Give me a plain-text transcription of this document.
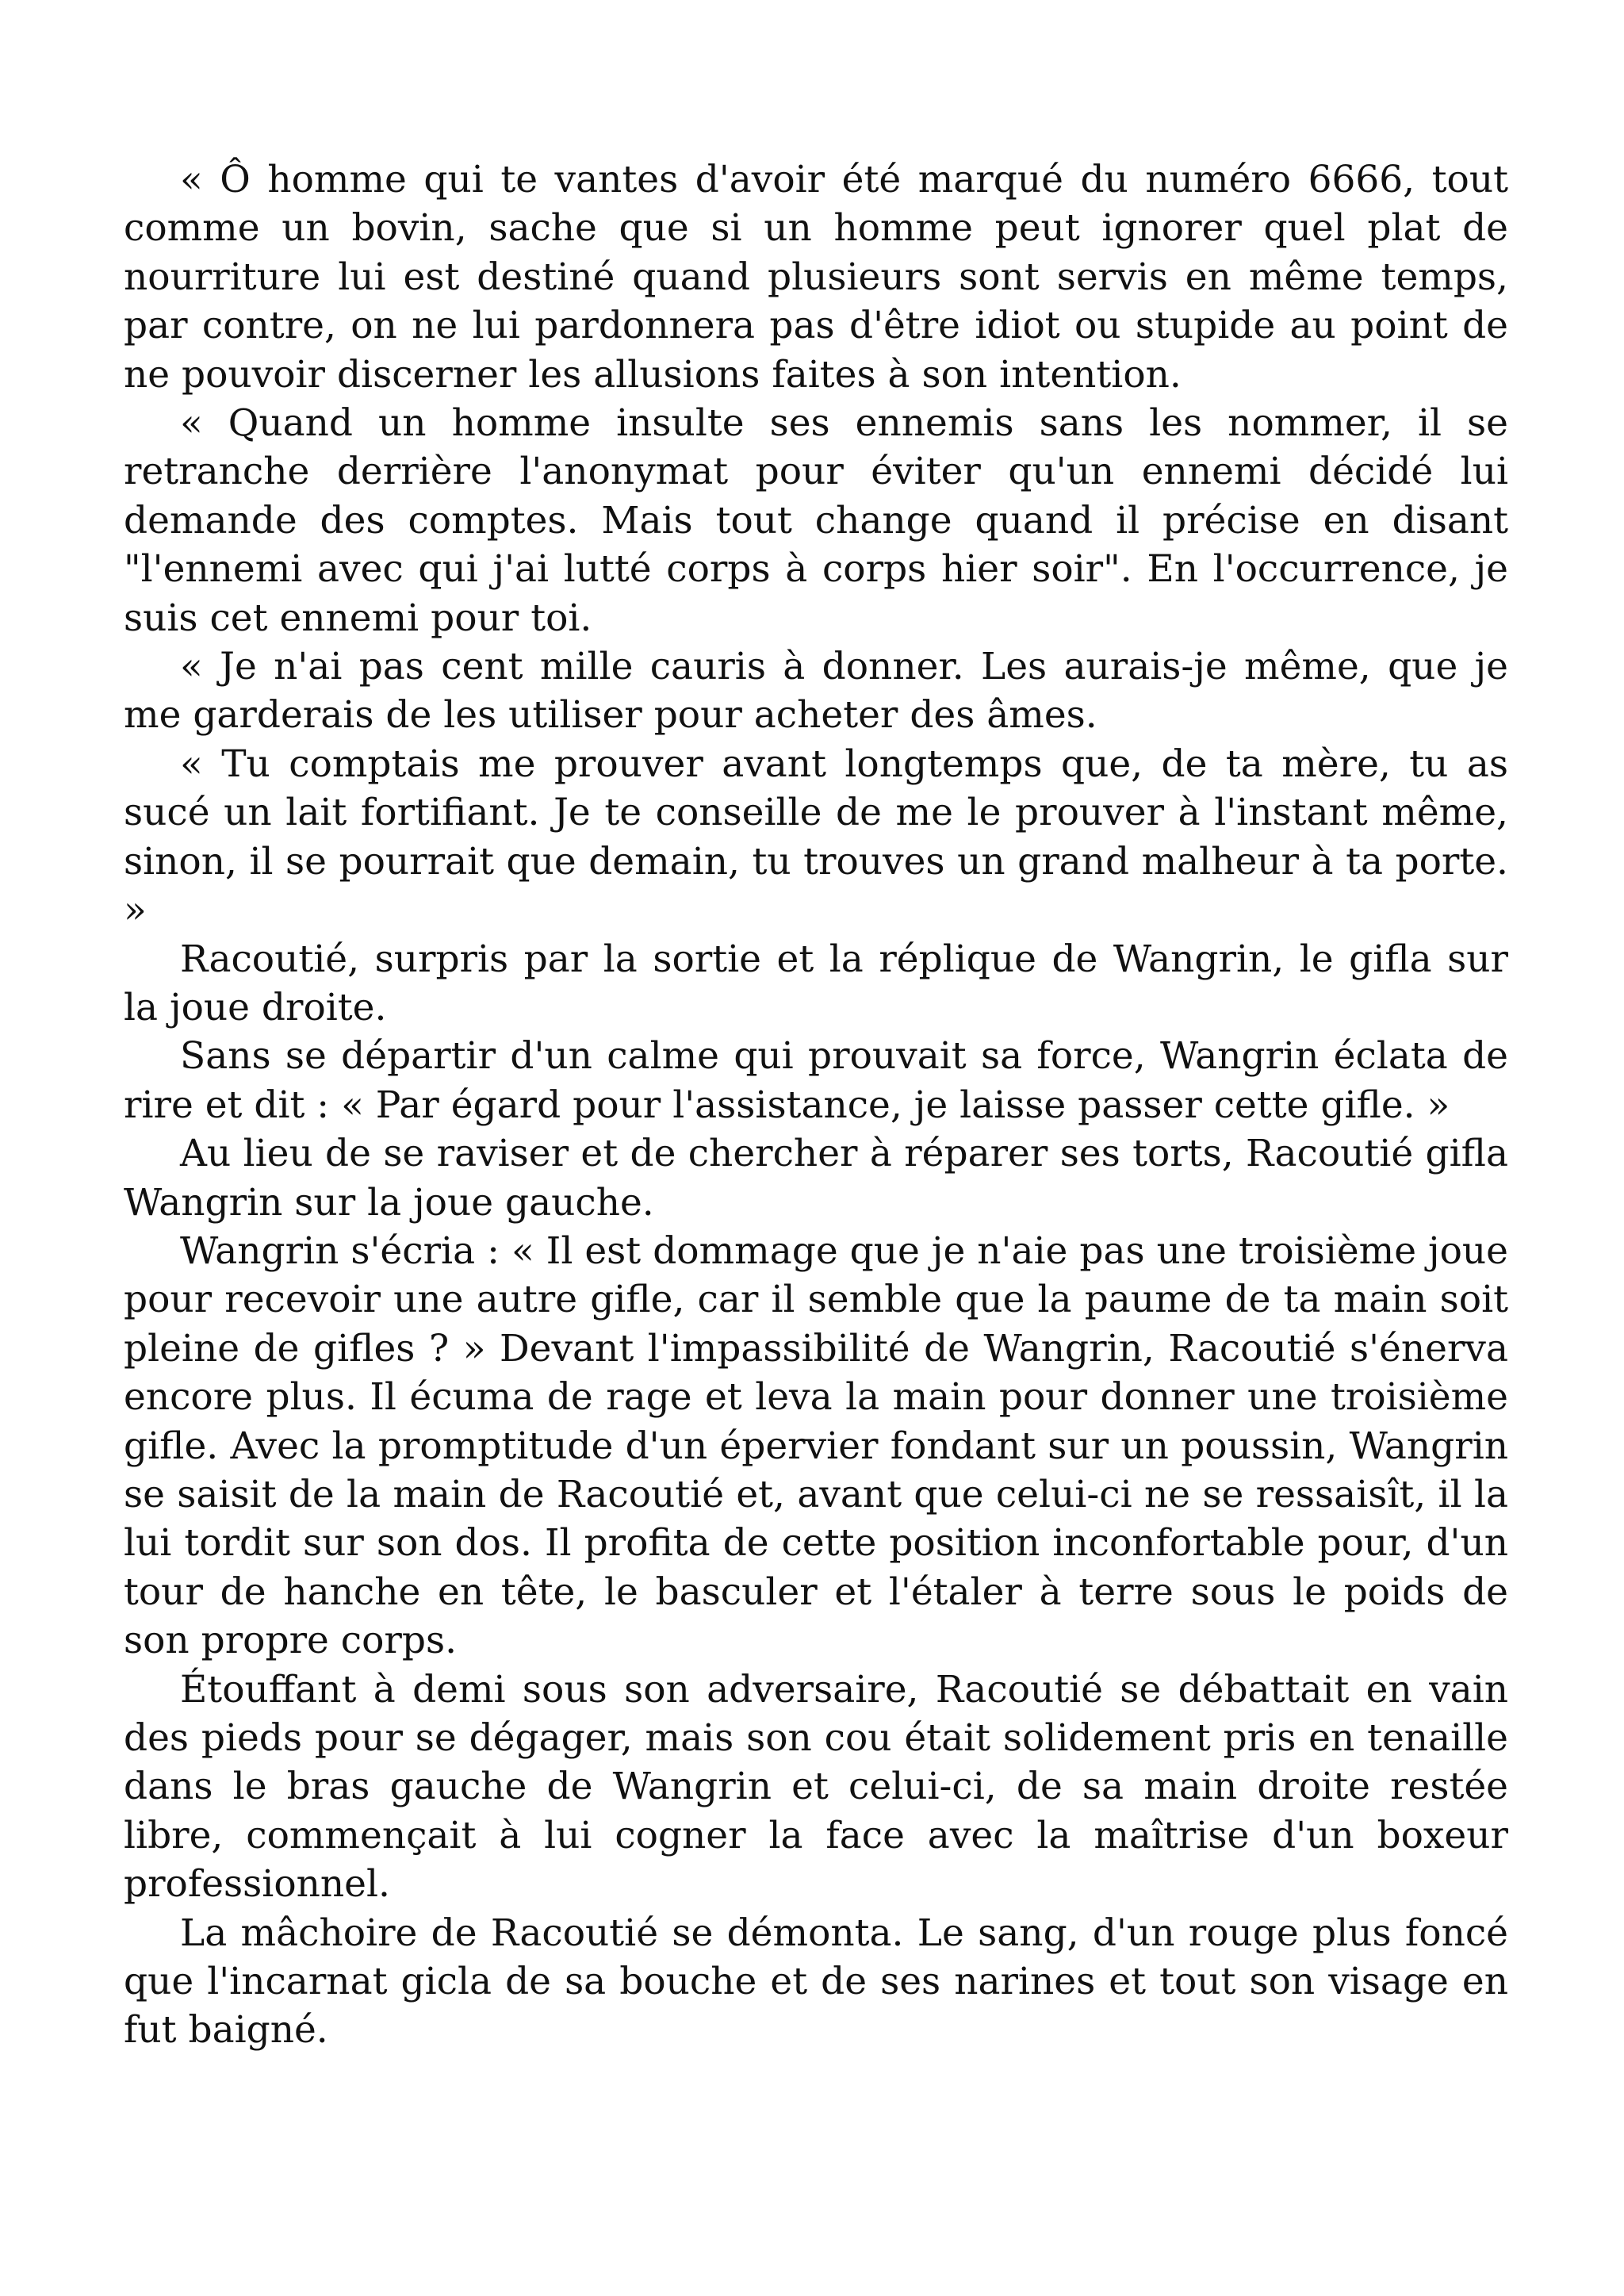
« Ô homme qui te vantes d'avoir été marqué du numéro 6666, tout comme un bovin, sache que si un homme peut ignorer quel plat de nourriture lui est destiné quand plusieurs sont servis en même temps, par contre, on ne lui pardonnera pas d'être idiot ou stupide au point de ne pouvoir discerner les allusions faites à son intention.

« Quand un homme insulte ses ennemis sans les nommer, il se retranche derrière l'anonymat pour éviter qu'un ennemi décidé lui demande des comptes. Mais tout change quand il précise en disant "l'ennemi avec qui j'ai lutté corps à corps hier soir". En l'occurrence, je suis cet ennemi pour toi.

« Je n'ai pas cent mille cauris à donner. Les aurais-je même, que je me garderais de les utiliser pour acheter des âmes.

« Tu comptais me prouver avant longtemps que, de ta mère, tu as sucé un lait fortifiant. Je te conseille de me le prouver à l'instant même, sinon, il se pourrait que demain, tu trouves un grand malheur à ta porte. »

Racoutié, surpris par la sortie et la réplique de Wangrin, le gifla sur la joue droite.

Sans se départir d'un calme qui prouvait sa force, Wangrin éclata de rire et dit : « Par égard pour l'assistance, je laisse passer cette gifle. »

Au lieu de se raviser et de chercher à réparer ses torts, Racoutié gifla Wangrin sur la joue gauche.

Wangrin s'écria : « Il est dommage que je n'aie pas une troisième joue pour recevoir une autre gifle, car il semble que la paume de ta main soit pleine de gifles ? » Devant l'impassibilité de Wangrin, Racoutié s'énerva encore plus. Il écuma de rage et leva la main pour donner une troisième gifle. Avec la promptitude d'un épervier fondant sur un poussin, Wangrin se saisit de la main de Racoutié et, avant que celui-ci ne se ressaisît, il la lui tordit sur son dos. Il profita de cette position inconfortable pour, d'un tour de hanche en tête, le basculer et l'étaler à terre sous le poids de son propre corps.

Étouffant à demi sous son adversaire, Racoutié se débattait en vain des pieds pour se dégager, mais son cou était solidement pris en tenaille dans le bras gauche de Wangrin et celui-ci, de sa main droite restée libre, commençait à lui cogner la face avec la maîtrise d'un boxeur professionnel.

La mâchoire de Racoutié se démonta. Le sang, d'un rouge plus foncé que l'incarnat gicla de sa bouche et de ses narines et tout son visage en fut baigné.
